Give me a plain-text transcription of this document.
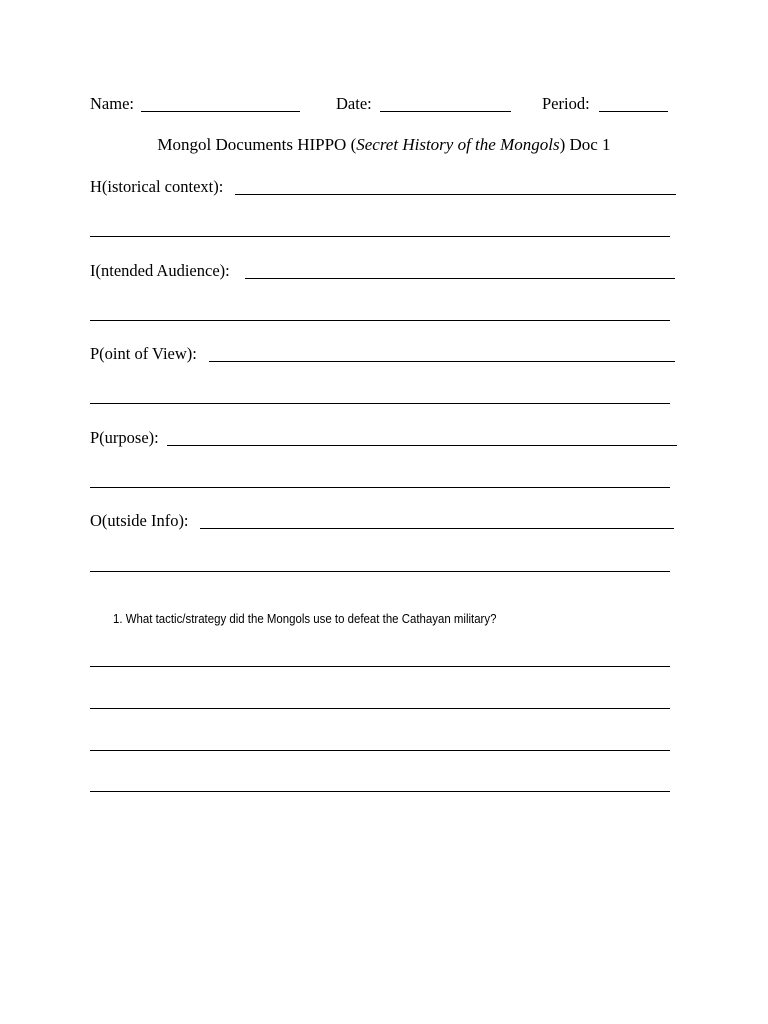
Name:	Date:	Period:
Mongol Documents HIPPO (Secret History of the Mongols) Doc 1
H(istorical context):
I(ntended Audience):
P(oint of View):
P(urpose):
O(utside Info):
1. What tactic/strategy did the Mongols use to defeat the Cathayan military?
